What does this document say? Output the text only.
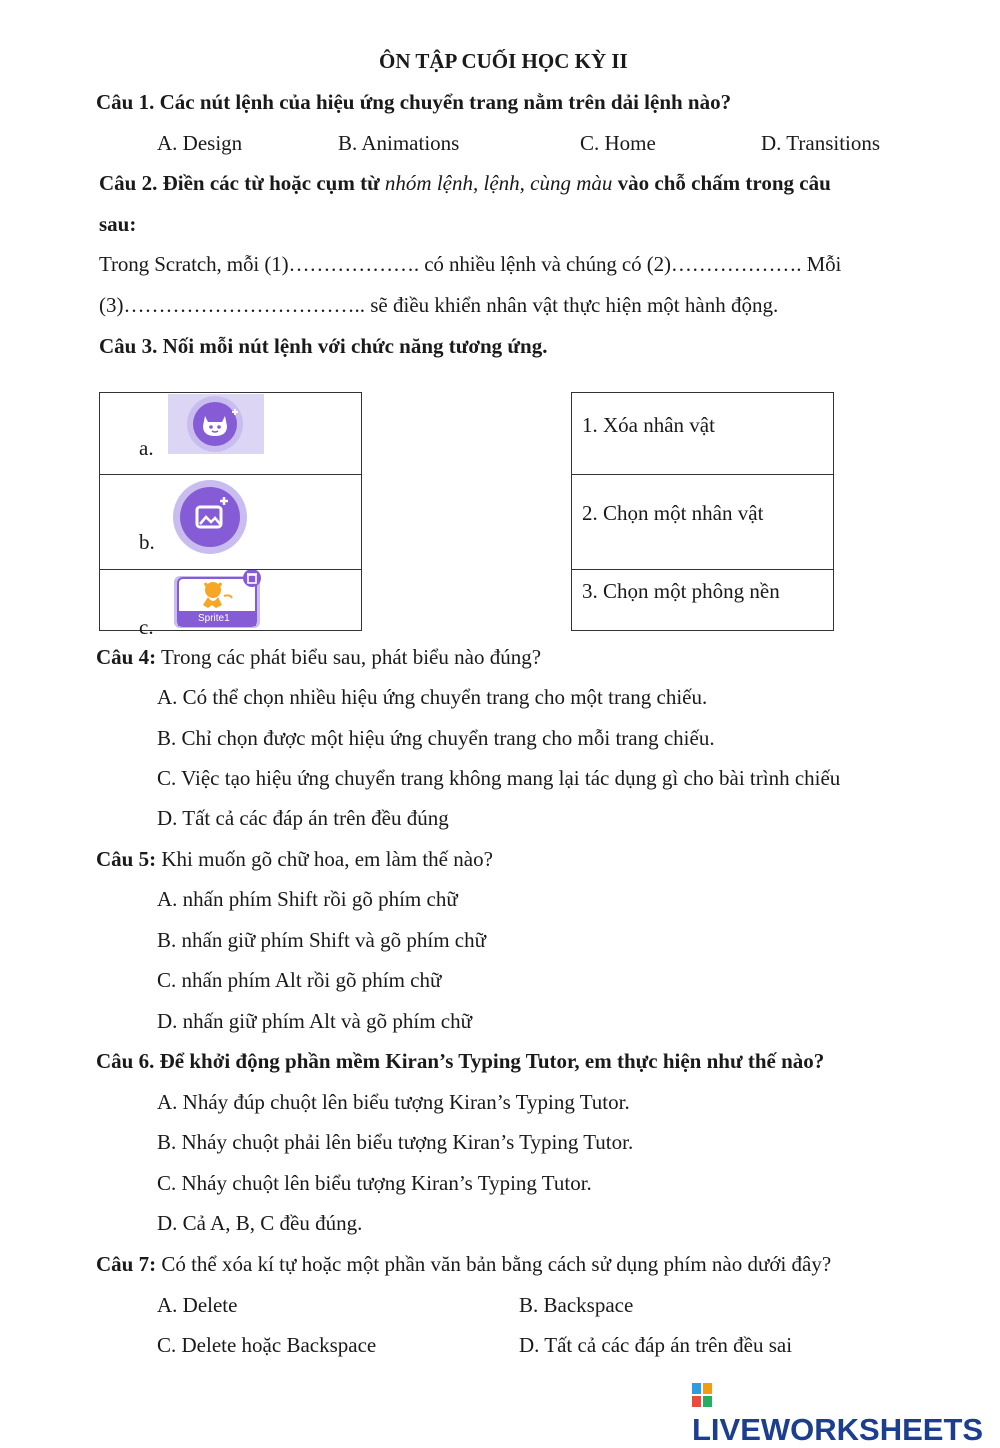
ÔN TẬP CUỐI HỌC KỲ II
Câu 1. Các nút lệnh của hiệu ứng chuyển trang nằm trên dải lệnh nào?
A. Design	B. Animations	C. Home	D. Transitions
Câu 2. Điền các từ hoặc cụm từ nhóm lệnh, lệnh, cùng màu vào chỗ chấm trong câu
sau:
Trong Scratch, mỗi (1)………………. có nhiều lệnh và chúng có (2)………………. Mỗi
(3)…………………………….. sẽ điều khiển nhân vật thực hiện một hành động.
Câu 3. Nối mỗi nút lệnh với chức năng tương ứng.
a.
b.
c.	Sprite1
1. Xóa nhân vật
2. Chọn một nhân vật
3. Chọn một phông nền
Câu 4: Trong các phát biểu sau, phát biểu nào đúng?
A. Có thể chọn nhiều hiệu ứng chuyển trang cho một trang chiếu.
B. Chỉ chọn được một hiệu ứng chuyển trang cho mỗi trang chiếu.
C. Việc tạo hiệu ứng chuyển trang không mang lại tác dụng gì cho bài trình chiếu
D. Tất cả các đáp án trên đều đúng
Câu 5: Khi muốn gõ chữ hoa, em làm thế nào?
A. nhấn phím Shift rồi gõ phím chữ
B. nhấn giữ phím Shift và gõ phím chữ
C. nhấn phím Alt rồi gõ phím chữ
D. nhấn giữ phím Alt và gõ phím chữ
Câu 6. Để khởi động phần mềm Kiran’s Typing Tutor, em thực hiện như thế nào?
A. Nháy đúp chuột lên biểu tượng Kiran’s Typing Tutor.
B. Nháy chuột phải lên biểu tượng Kiran’s Typing Tutor.
C. Nháy chuột lên biểu tượng Kiran’s Typing Tutor.
D. Cả A, B, C đều đúng.
Câu 7: Có thể xóa kí tự hoặc một phần văn bản bằng cách sử dụng phím nào dưới đây?
A. Delete	B. Backspace
C. Delete hoặc Backspace	D. Tất cả các đáp án trên đều sai
LIVEWORKSHEETS
